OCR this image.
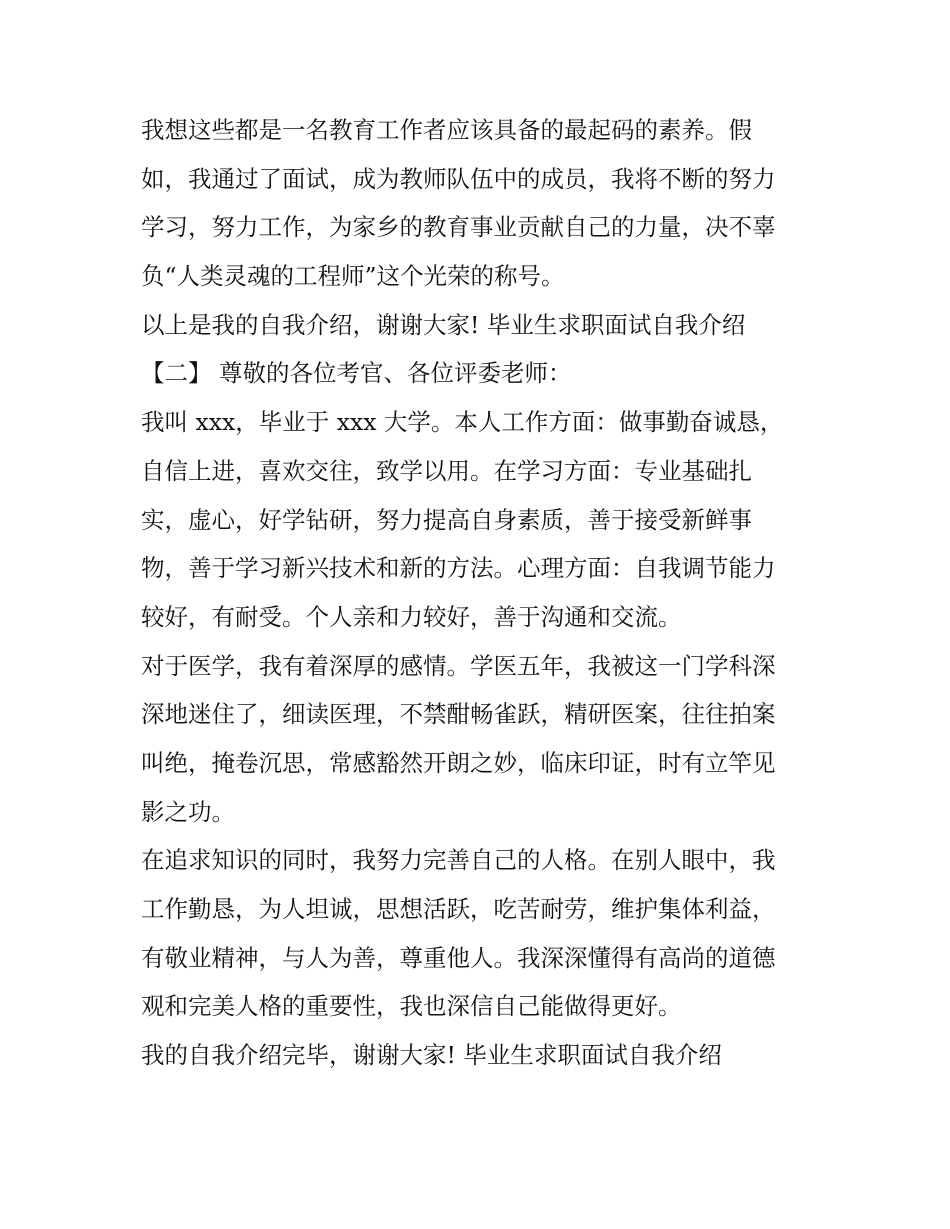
我想这些都是一名教育工作者应该具备的最起码的素养。假
如，我通过了面试，成为教师队伍中的成员，我将不断的努力
学习，努力工作，为家乡的教育事业贡献自己的力量，决不辜
负“人类灵魂的工程师”这个光荣的称号。
以上是我的自我介绍，谢谢大家! 毕业生求职面试自我介绍
【二】 尊敬的各位考官、各位评委老师：
我叫 xxx，毕业于 xxx 大学。本人工作方面：做事勤奋诚恳，
自信上进，喜欢交往，致学以用。在学习方面：专业基础扎
实，虚心，好学钻研，努力提高自身素质，善于接受新鲜事
物，善于学习新兴技术和新的方法。心理方面：自我调节能力
较好，有耐受。个人亲和力较好，善于沟通和交流。
对于医学，我有着深厚的感情。学医五年，我被这一门学科深
深地迷住了，细读医理，不禁酣畅雀跃，精研医案，往往拍案
叫绝，掩卷沉思，常感豁然开朗之妙，临床印证，时有立竿见
影之功。
在追求知识的同时，我努力完善自己的人格。在别人眼中，我
工作勤恳，为人坦诚，思想活跃，吃苦耐劳，维护集体利益，
有敬业精神，与人为善，尊重他人。我深深懂得有高尚的道德
观和完美人格的重要性，我也深信自己能做得更好。
我的自我介绍完毕，谢谢大家! 毕业生求职面试自我介绍
